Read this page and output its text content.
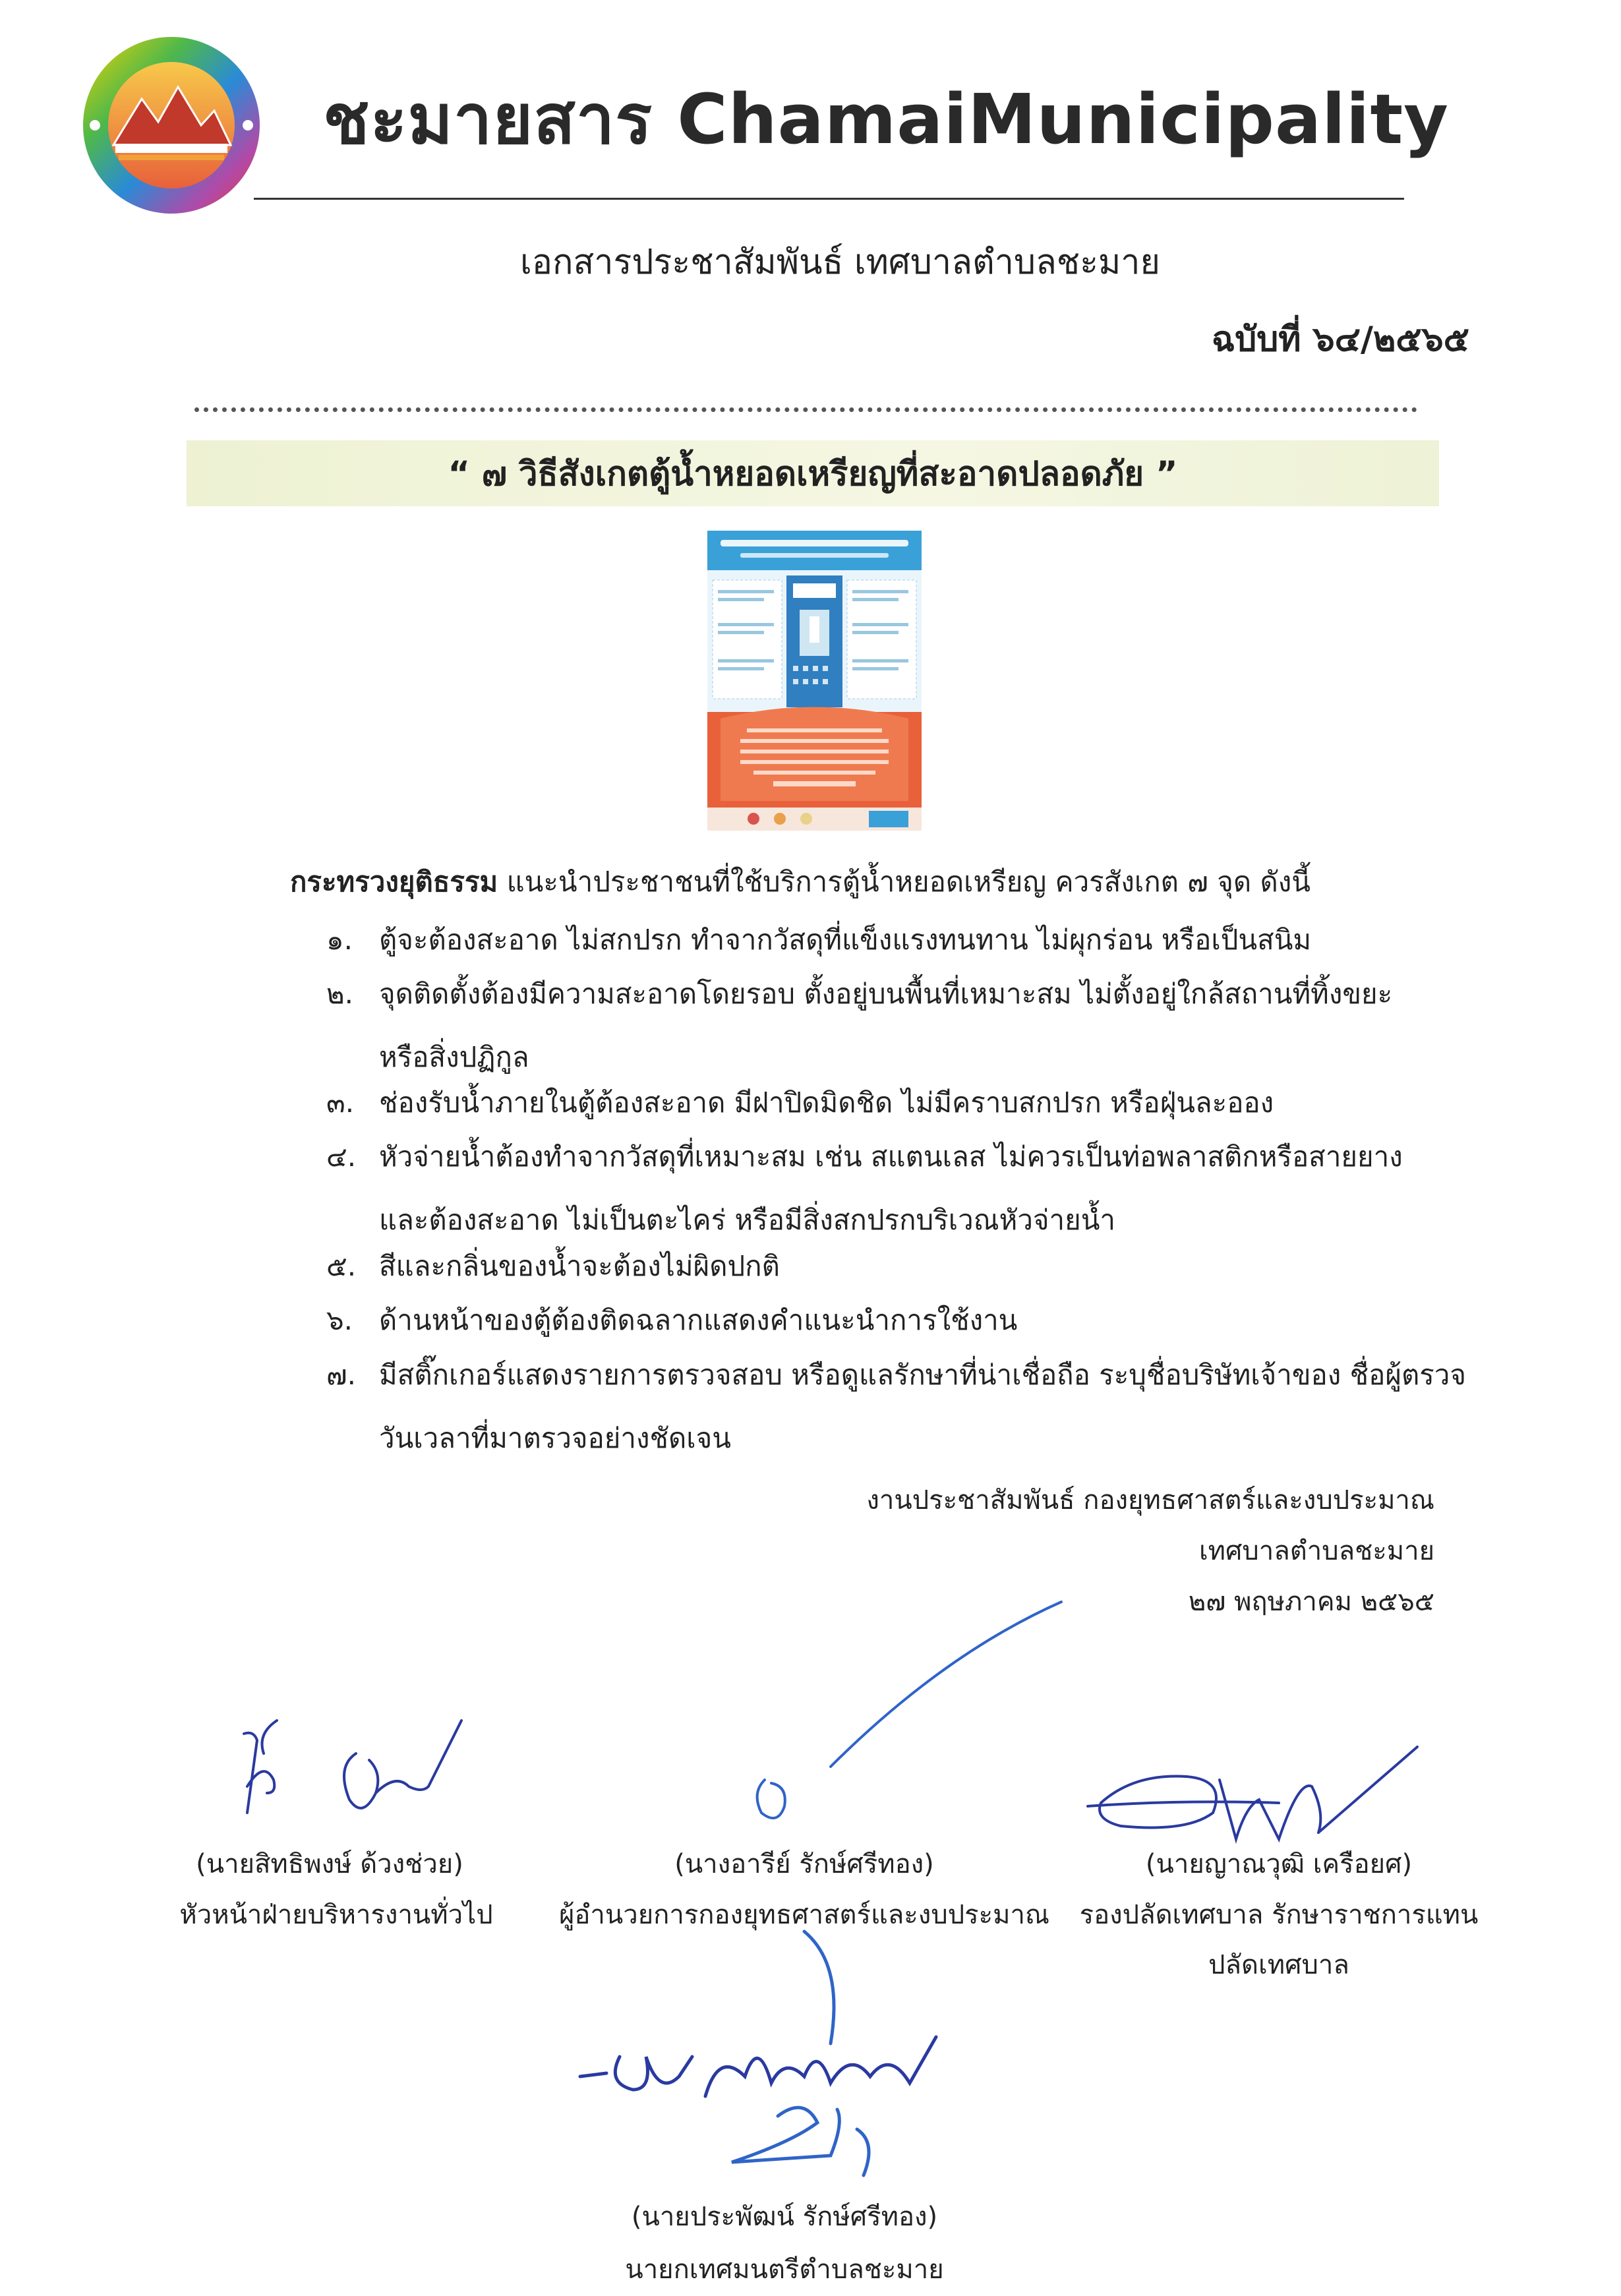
ชะมายสาร ChamaiMunicipality
เอกสารประชาสัมพันธ์ เทศบาลตำบลชะมาย
ฉบับที่ ๖๔/๒๕๖๕
“ ๗ วิธีสังเกตตู้น้ำหยอดเหรียญที่สะอาดปลอดภัย ”
กระทรวงยุติธรรม แนะนำประชาชนที่ใช้บริการตู้น้ำหยอดเหรียญ ควรสังเกต ๗ จุด ดังนี้
๑. ตู้จะต้องสะอาด ไม่สกปรก ทำจากวัสดุที่แข็งแรงทนทาน ไม่ผุกร่อน หรือเป็นสนิม
๒. จุดติดตั้งต้องมีความสะอาดโดยรอบ ตั้งอยู่บนพื้นที่เหมาะสม ไม่ตั้งอยู่ใกล้สถานที่ทิ้งขยะ
หรือสิ่งปฏิกูล
๓. ช่องรับน้ำภายในตู้ต้องสะอาด มีฝาปิดมิดชิด ไม่มีคราบสกปรก หรือฝุ่นละออง
๔. หัวจ่ายน้ำต้องทำจากวัสดุที่เหมาะสม เช่น สแตนเลส ไม่ควรเป็นท่อพลาสติกหรือสายยาง
และต้องสะอาด ไม่เป็นตะไคร่ หรือมีสิ่งสกปรกบริเวณหัวจ่ายน้ำ
๕. สีและกลิ่นของน้ำจะต้องไม่ผิดปกติ
๖. ด้านหน้าของตู้ต้องติดฉลากแสดงคำแนะนำการใช้งาน
๗. มีสติ๊กเกอร์แสดงรายการตรวจสอบ หรือดูแลรักษาที่น่าเชื่อถือ ระบุชื่อบริษัทเจ้าของ ชื่อผู้ตรวจ
วันเวลาที่มาตรวจอย่างชัดเจน
งานประชาสัมพันธ์ กองยุทธศาสตร์และงบประมาณ
เทศบาลตำบลชะมาย
๒๗ พฤษภาคม ๒๕๖๕
(นายสิทธิพงษ์ ด้วงช่วย)
หัวหน้าฝ่ายบริหารงานทั่วไป
(นางอารีย์ รักษ์ศรีทอง)
ผู้อำนวยการกองยุทธศาสตร์และงบประมาณ
(นายญาณวุฒิ เครือยศ)
รองปลัดเทศบาล รักษาราชการแทน
ปลัดเทศบาล
(นายประพัฒน์ รักษ์ศรีทอง)
นายกเทศมนตรีตำบลชะมาย
